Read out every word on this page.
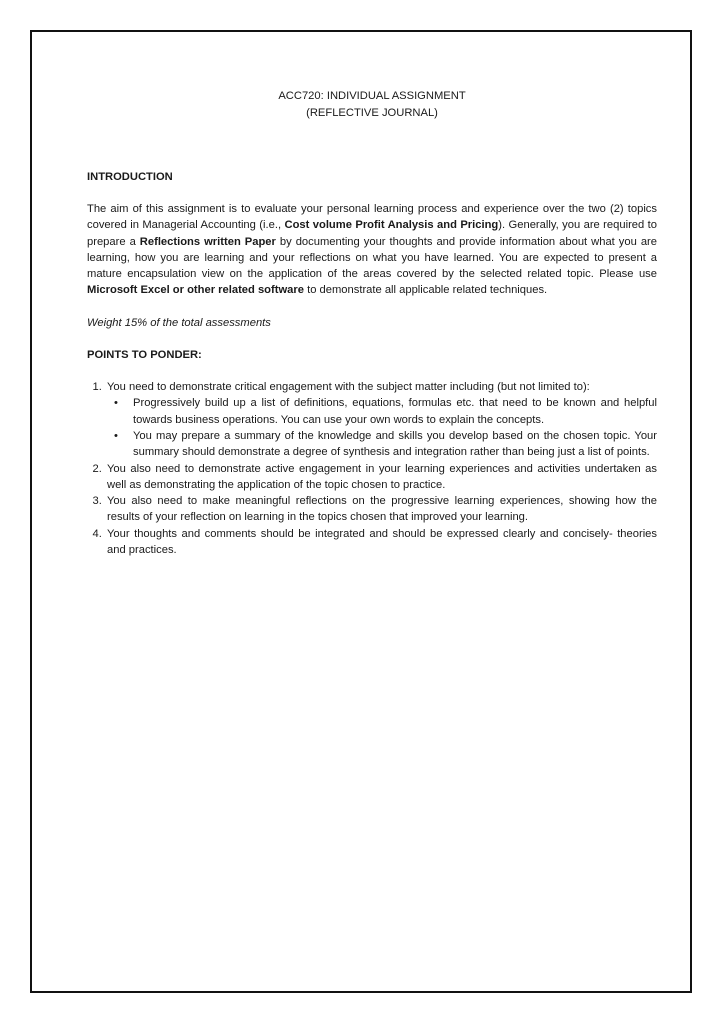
ACC720: INDIVIDUAL ASSIGNMENT
(REFLECTIVE JOURNAL)

INTRODUCTION

The aim of this assignment is to evaluate your personal learning process and experience over the two (2) topics covered in Managerial Accounting (i.e., Cost volume Profit Analysis and Pricing). Generally, you are required to prepare a Reflections written Paper by documenting your thoughts and provide information about what you are learning, how you are learning and your reflections on what you have learned. You are expected to present a mature encapsulation view on the application of the areas covered by the selected related topic. Please use Microsoft Excel or other related software to demonstrate all applicable related techniques.

Weight 15% of the total assessments

POINTS TO PONDER:

1. You need to demonstrate critical engagement with the subject matter including (but not limited to):
• Progressively build up a list of definitions, equations, formulas etc. that need to be known and helpful towards business operations. You can use your own words to explain the concepts.
• You may prepare a summary of the knowledge and skills you develop based on the chosen topic. Your summary should demonstrate a degree of synthesis and integration rather than being just a list of points.
2. You also need to demonstrate active engagement in your learning experiences and activities undertaken as well as demonstrating the application of the topic chosen to practice.
3. You also need to make meaningful reflections on the progressive learning experiences, showing how the results of your reflection on learning in the topics chosen that improved your learning.
4. Your thoughts and comments should be integrated and should be expressed clearly and concisely- theories and practices.
